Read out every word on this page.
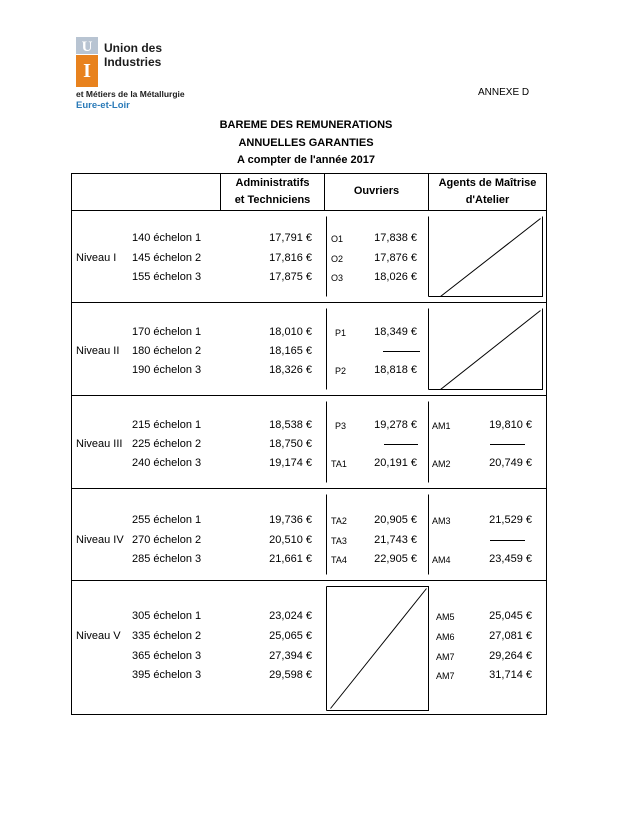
U
I
Union des
Industries
et Métiers de la Métallurgie
Eure-et-Loir
ANNEXE D
BAREME DES REMUNERATIONS
ANNUELLES GARANTIES
A compter de l'année 2017
Administratifs
et Techniciens
Ouvriers
Agents de Maîtrise
d'Atelier
Niveau I
140 échelon 1	17,791 € O1	17,838 €
145 échelon 2	17,816 € O2	17,876 €
155 échelon 3	17,875 € O3	18,026 €
Niveau II
170 échelon 1	18,010 €	P1	18,349 €
180 échelon 2	18,165 €
190 échelon 3	18,326 €	P2	18,818 €
Niveau III
215 échelon 1	18,538 €	P3	19,278 € AM1	19,810 €
225 échelon 2	18,750 €
240 échelon 3	19,174 € TA1	20,191 € AM2	20,749 €
Niveau IV
255 échelon 1	19,736 € TA2	20,905 € AM3	21,529 €
270 échelon 2	20,510 € TA3	21,743 €
285 échelon 3	21,661 € TA4	22,905 € AM4	23,459 €
Niveau V
305 échelon 1	23,024 €	AM5	25,045 €
335 échelon 2	25,065 €	AM6	27,081 €
365 échelon 3	27,394 €	AM7	29,264 €
395 échelon 3	29,598 €	AM7	31,714 €
